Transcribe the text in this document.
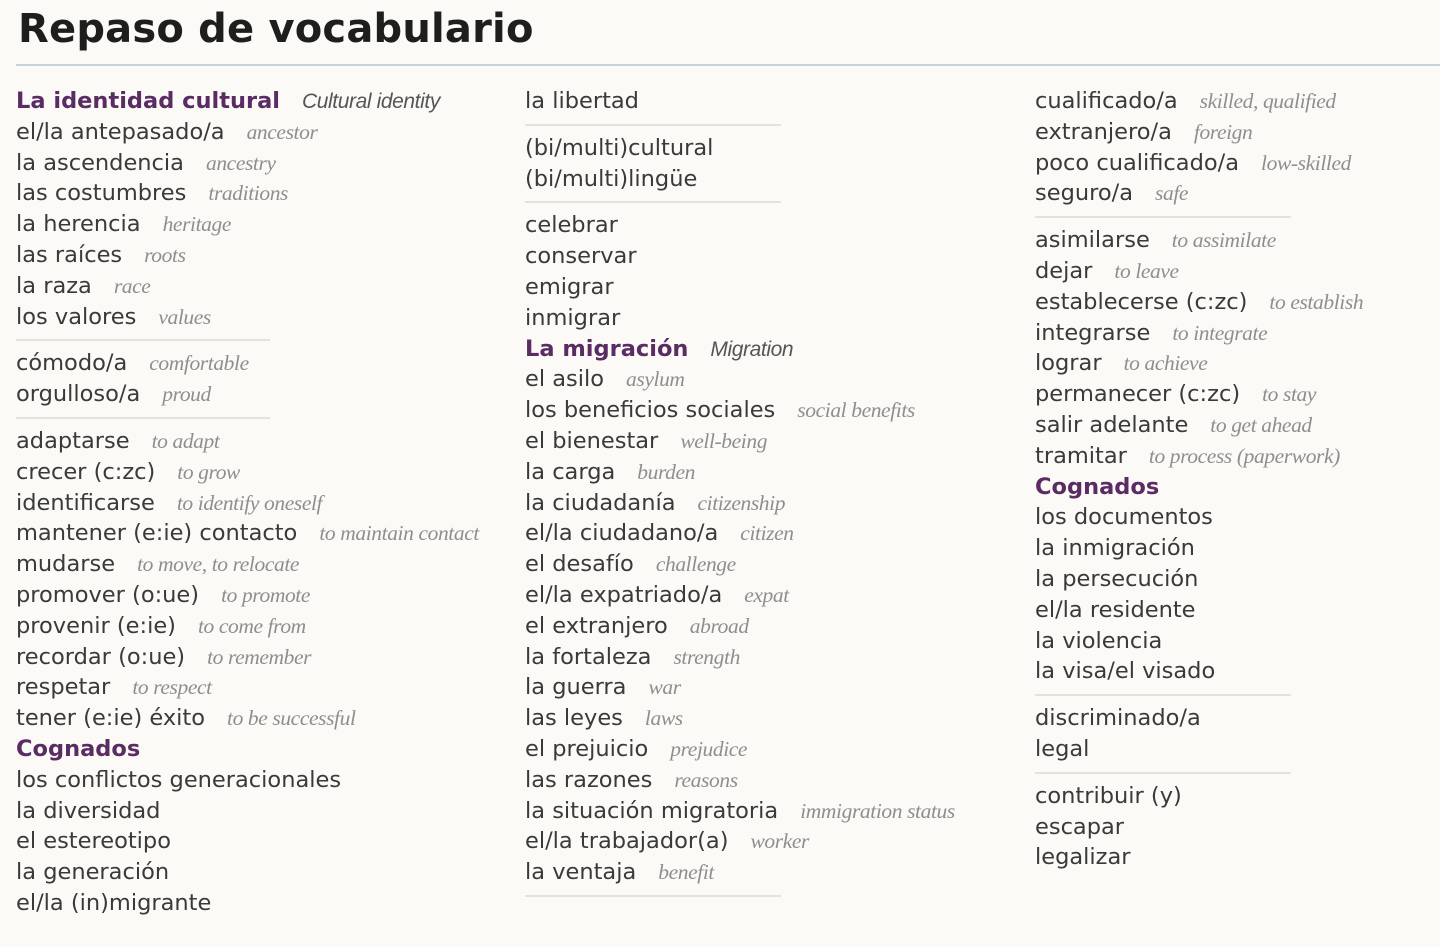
Repaso de vocabulario
La identidad cultural Cultural identity
el/la antepasado/a ancestor
la ascendencia ancestry
las costumbres traditions
la herencia heritage
las raíces roots
la raza race
los valores values
cómodo/a comfortable
orgulloso/a proud
adaptarse to adapt
crecer (c:zc) to grow
identificarse to identify oneself
mantener (e:ie) contacto to maintain contact
mudarse to move, to relocate
promover (o:ue) to promote
provenir (e:ie) to come from
recordar (o:ue) to remember
respetar to respect
tener (e:ie) éxito to be successful
Cognados
los conflictos generacionales
la diversidad
el estereotipo
la generación
el/la (in)migrante
la libertad
(bi/multi)cultural
(bi/multi)lingüe
celebrar
conservar
emigrar
inmigrar
La migración Migration
el asilo asylum
los beneficios sociales social benefits
el bienestar well-being
la carga burden
la ciudadanía citizenship
el/la ciudadano/a citizen
el desafío challenge
el/la expatriado/a expat
el extranjero abroad
la fortaleza strength
la guerra war
las leyes laws
el prejuicio prejudice
las razones reasons
la situación migratoria immigration status
el/la trabajador(a) worker
la ventaja benefit
cualificado/a skilled, qualified
extranjero/a foreign
poco cualificado/a low-skilled
seguro/a safe
asimilarse to assimilate
dejar to leave
establecerse (c:zc) to establish
integrarse to integrate
lograr to achieve
permanecer (c:zc) to stay
salir adelante to get ahead
tramitar to process (paperwork)
Cognados
los documentos
la inmigración
la persecución
el/la residente
la violencia
la visa/el visado
discriminado/a
legal
contribuir (y)
escapar
legalizar
